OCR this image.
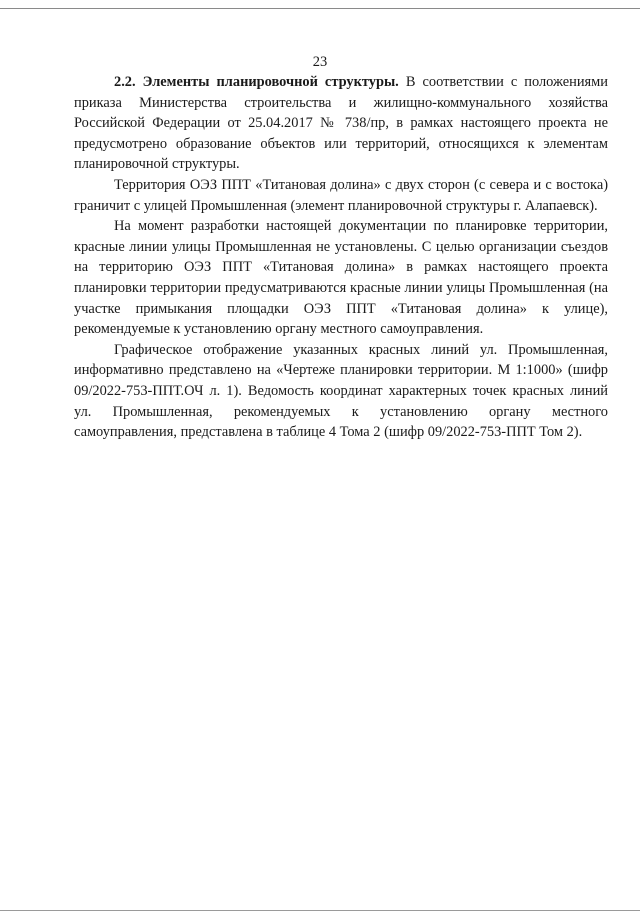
23

2.2. Элементы планировочной структуры. В соответствии с положениями приказа Министерства строительства и жилищно-коммунального хозяйства Российской Федерации от 25.04.2017 № 738/пр, в рамках настоящего проекта не предусмотрено образование объектов или территорий, относящихся к элементам планировочной структуры.

Территория ОЭЗ ППТ «Титановая долина» с двух сторон (с севера и с востока) граничит с улицей Промышленная (элемент планировочной структуры г. Алапаевск).

На момент разработки настоящей документации по планировке территории, красные линии улицы Промышленная не установлены. С целью организации съездов на территорию ОЭЗ ППТ «Титановая долина» в рамках настоящего проекта планировки территории предусматриваются красные линии улицы Промышленная (на участке примыкания площадки ОЭЗ ППТ «Титановая долина» к улице), рекомендуемые к установлению органу местного самоуправления.

Графическое отображение указанных красных линий ул. Промышленная, информативно представлено на «Чертеже планировки территории. М 1:1000» (шифр 09/2022-753-ППТ.ОЧ л. 1). Ведомость координат характерных точек красных линий ул. Промышленная, рекомендуемых к установлению органу местного самоуправления, представлена в таблице 4 Тома 2 (шифр 09/2022-753-ППТ Том 2).
